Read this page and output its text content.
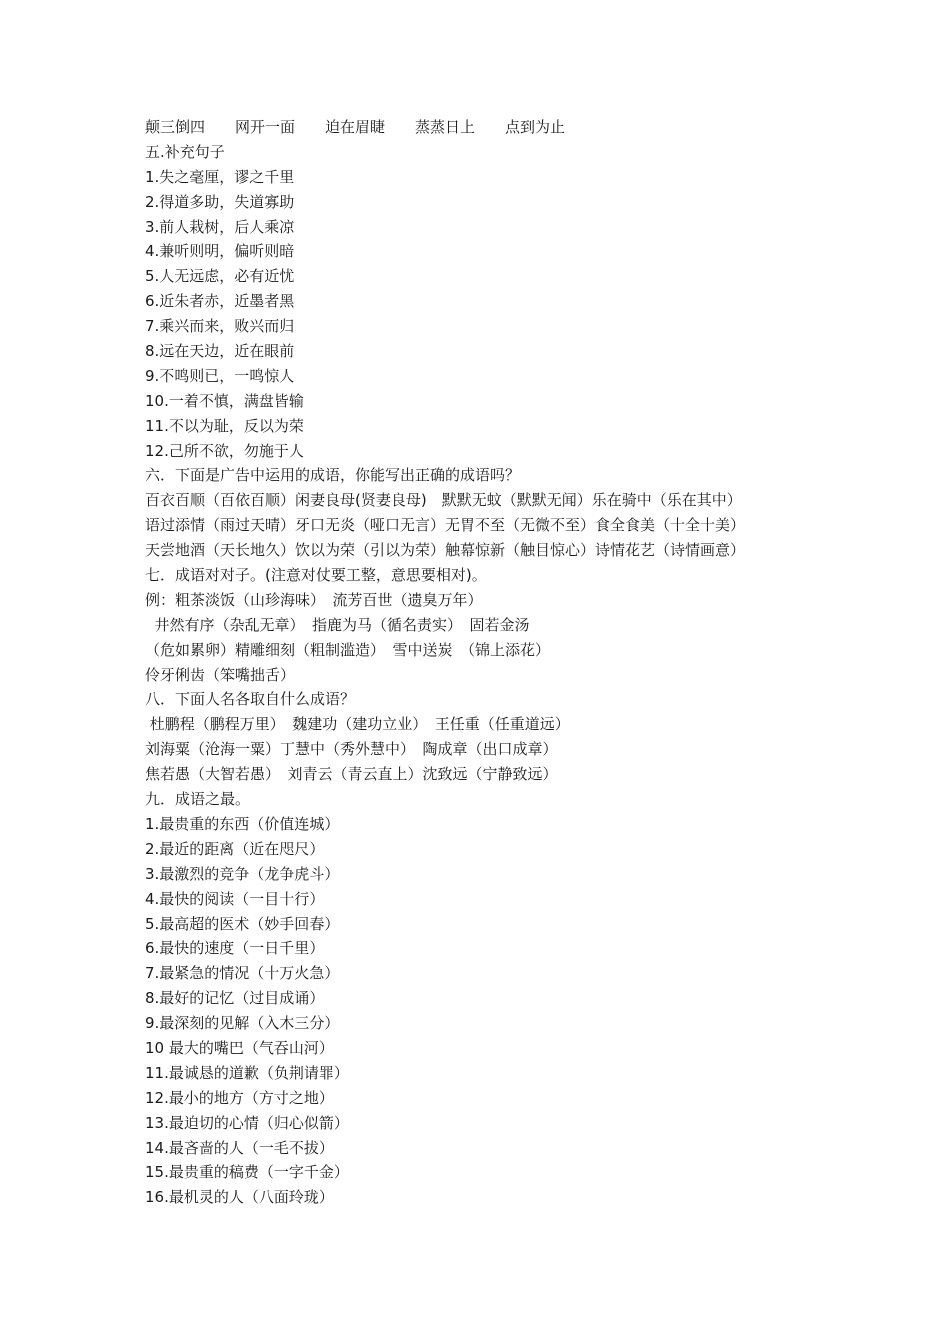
颠三倒四　　网开一面　　迫在眉睫　　蒸蒸日上　　点到为止

五.补充句子

1.失之毫厘，谬之千里

2.得道多助，失道寡助

3.前人栽树，后人乘凉

4.兼听则明，偏听则暗

5.人无远虑，必有近忧

6.近朱者赤，近墨者黑

7.乘兴而来，败兴而归

8.远在天边，近在眼前

9.不鸣则已，一鸣惊人

10.一着不慎，满盘皆输

11.不以为耻，反以为荣

12.己所不欲，勿施于人

六．下面是广告中运用的成语，你能写出正确的成语吗？

百衣百顺（百依百顺）闲妻良母(贤妻良母)　默默无蚊（默默无闻）乐在骑中（乐在其中）

语过添情（雨过天晴）牙口无炎（哑口无言）无胃不至（无微不至）食全食美（十全十美）

天尝地酒（天长地久）饮以为荣（引以为荣）触幕惊新（触目惊心）诗情花艺（诗情画意）

七．成语对对子。(注意对仗要工整，意思要相对)。

例：粗茶淡饭（山珍海味）　流芳百世（遗臭万年）

井然有序（杂乱无章）　指鹿为马（循名责实）　固若金汤

（危如累卵）精雕细刻（粗制滥造）　雪中送炭　（锦上添花）

伶牙俐齿（笨嘴拙舌）

八．下面人名各取自什么成语？

杜鹏程（鹏程万里）　魏建功（建功立业）　王任重（任重道远）

刘海粟（沧海一粟）丁慧中（秀外慧中）　陶成章（出口成章）

焦若愚（大智若愚）　刘青云（青云直上）沈致远（宁静致远）

九．成语之最。

1.最贵重的东西（价值连城）

2.最近的距离（近在咫尺）

3.最激烈的竞争（龙争虎斗）

4.最快的阅读（一目十行）

5.最高超的医术（妙手回春）

6.最快的速度（一日千里）

7.最紧急的情况（十万火急）

8.最好的记忆（过目成诵）

9.最深刻的见解（入木三分）

10 最大的嘴巴（气吞山河）

11.最诚恳的道歉（负荆请罪）

12.最小的地方（方寸之地）

13.最迫切的心情（归心似箭）

14.最吝啬的人（一毛不拔）

15.最贵重的稿费（一字千金）

16.最机灵的人（八面玲珑）
